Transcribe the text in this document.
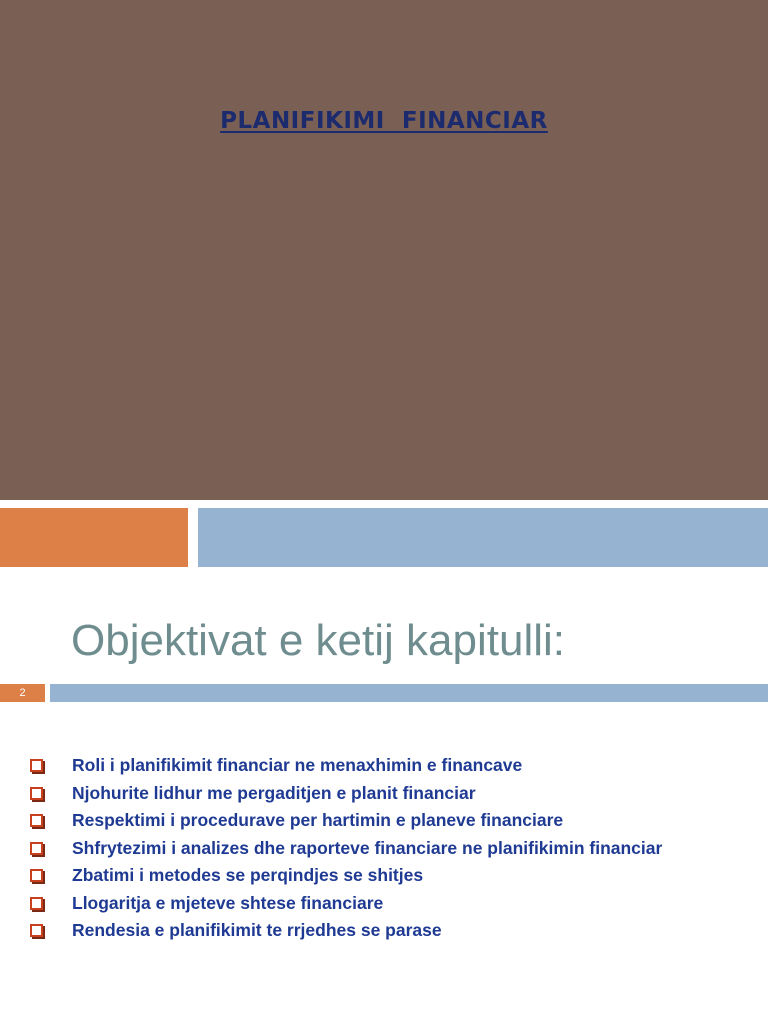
PLANIFIKIMI  FINANCIAR
Objektivat e ketij kapitulli:
2
Roli i planifikimit financiar ne menaxhimin e financave
Njohurite lidhur me pergaditjen e planit financiar
Respektimi i procedurave per hartimin e planeve financiare
Shfrytezimi i analizes dhe raporteve financiare ne planifikimin financiar
Zbatimi i metodes se perqindjes se shitjes
Llogaritja e mjeteve shtese financiare
Rendesia e planifikimit te rrjedhes se parase
